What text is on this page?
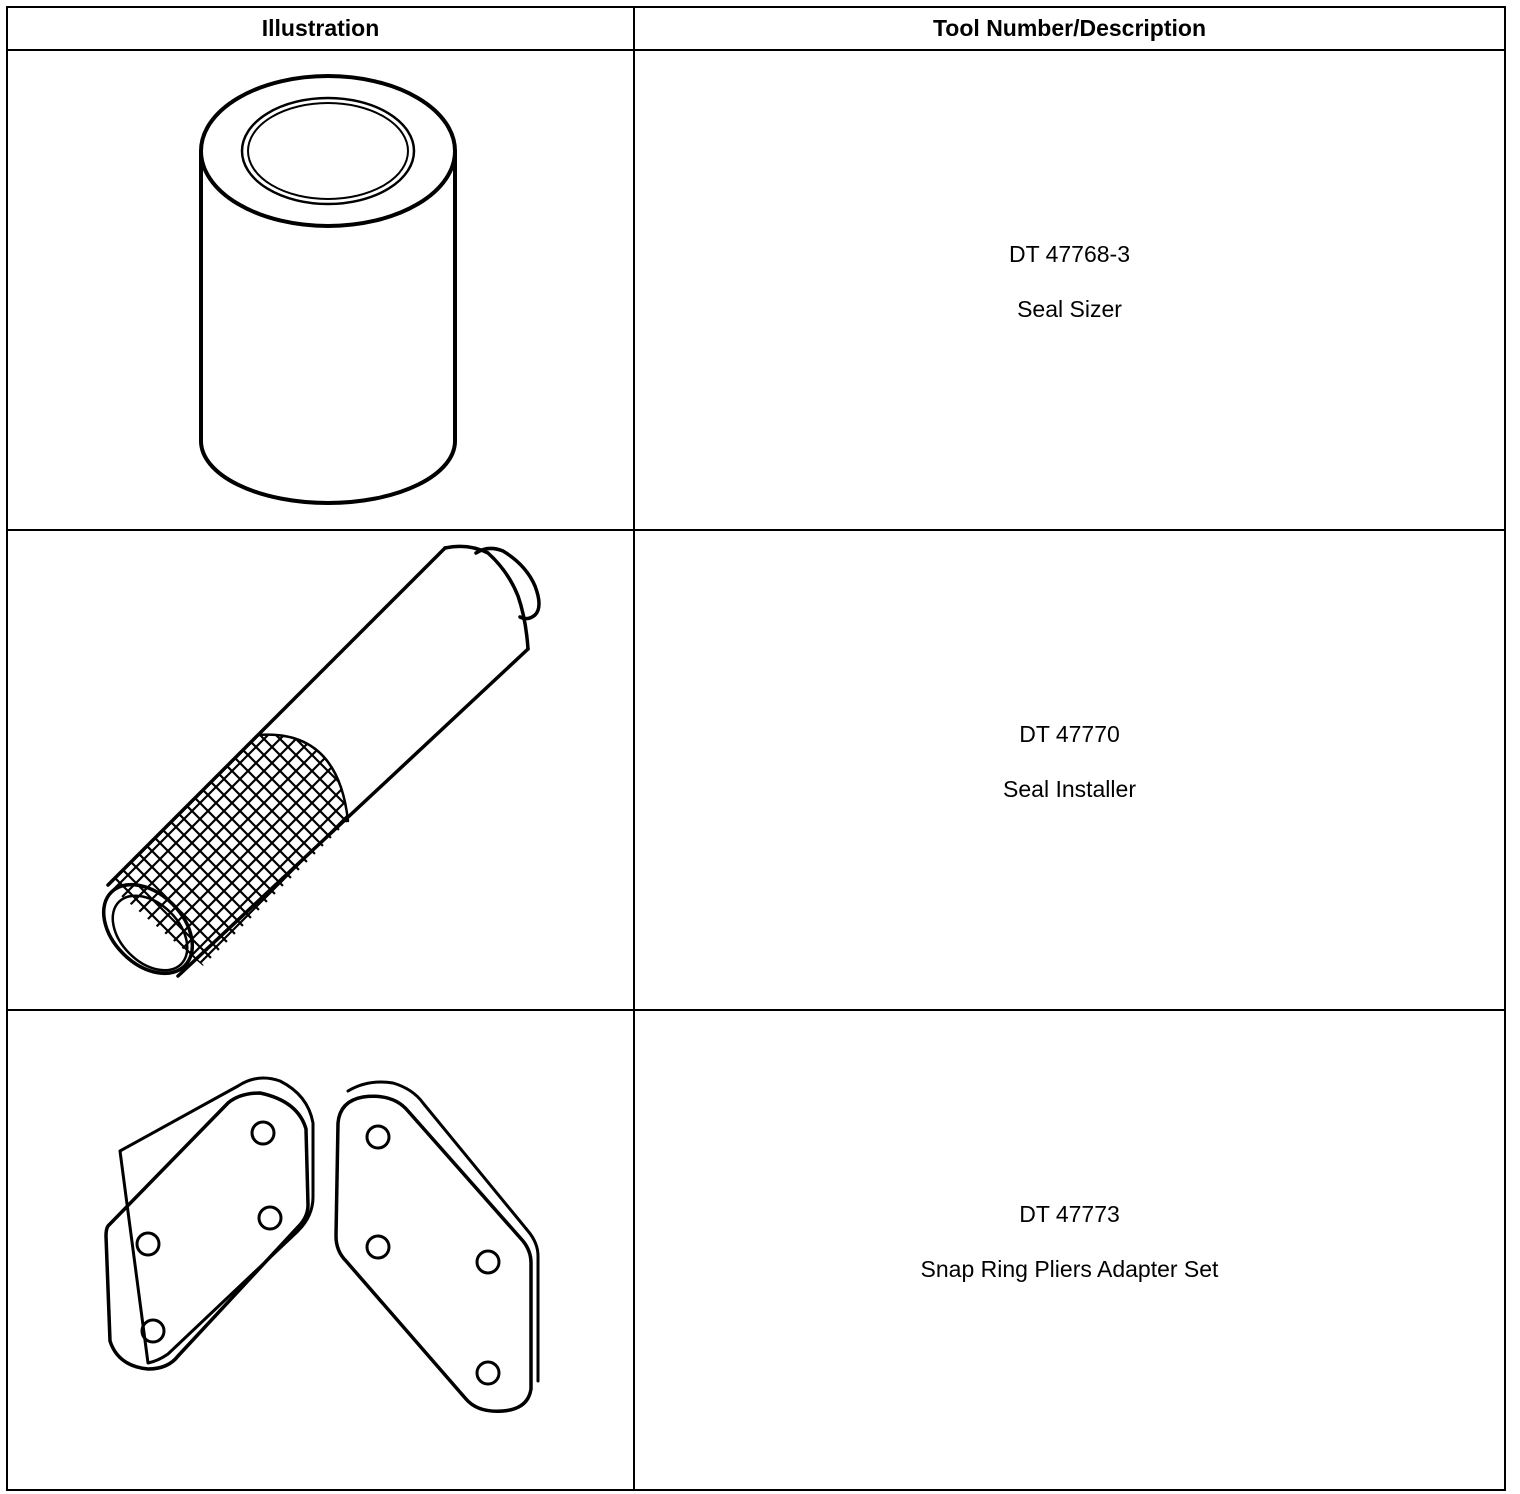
Illustration	Tool Number/Description

DT 47768-3
Seal Sizer

DT 47770
Seal Installer

DT 47773
Snap Ring Pliers Adapter Set
